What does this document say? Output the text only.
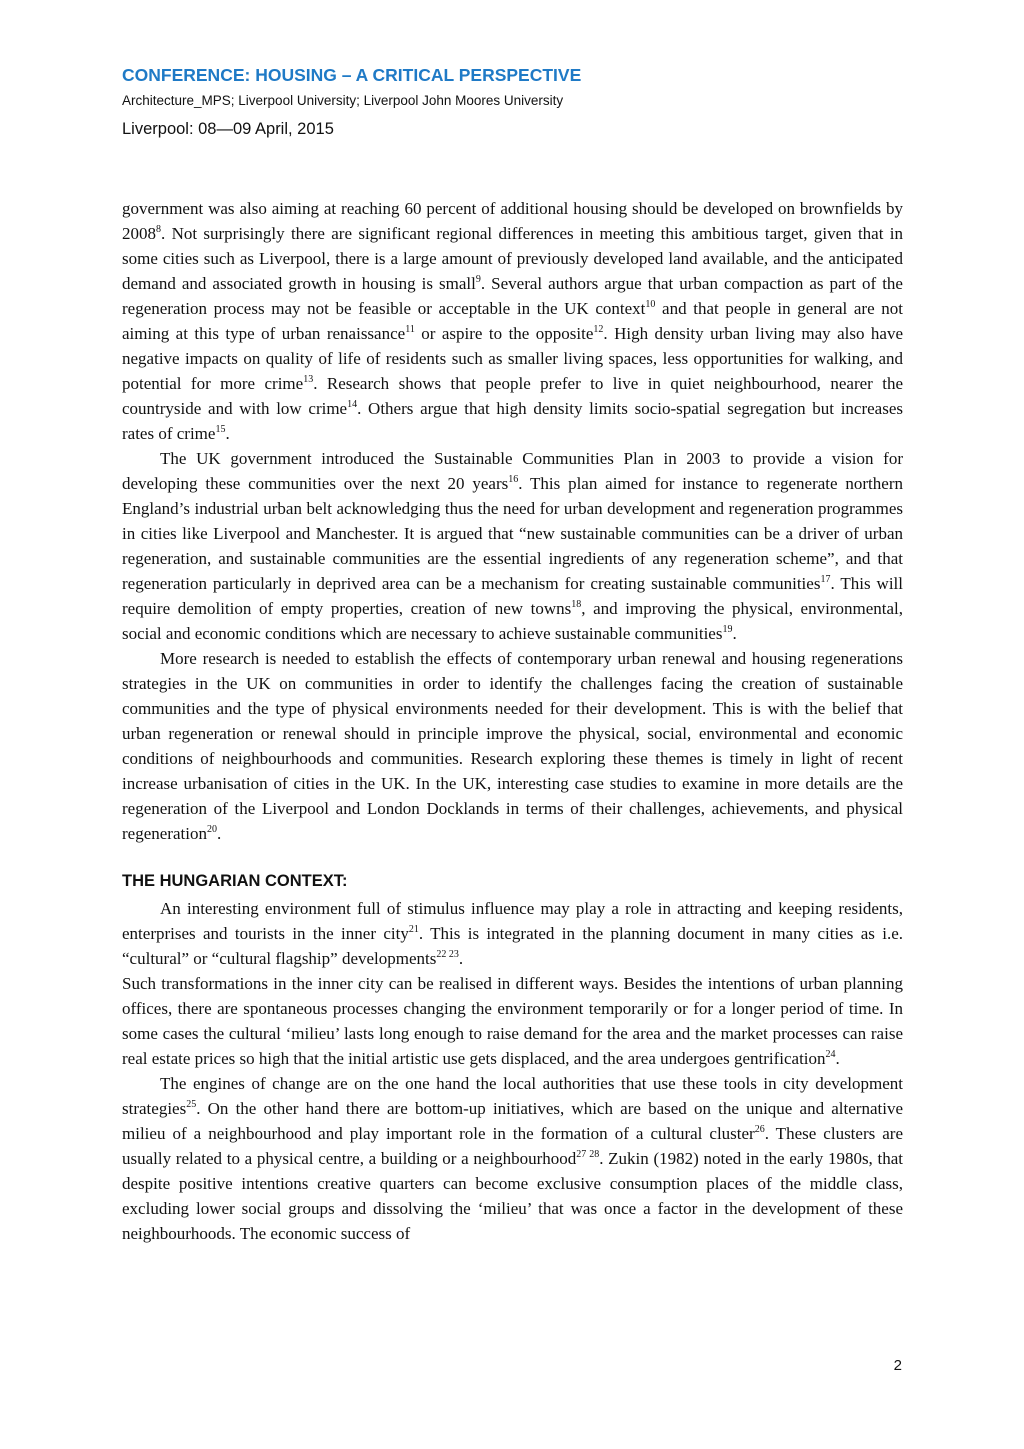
CONFERENCE: HOUSING – A CRITICAL PERSPECTIVE
Architecture_MPS; Liverpool University; Liverpool John Moores University
Liverpool: 08—09 April, 2015

government was also aiming at reaching 60 percent of additional housing should be developed on brownfields by 2008$^8$. Not surprisingly there are significant regional differences in meeting this ambitious target, given that in some cities such as Liverpool, there is a large amount of previously developed land available, and the anticipated demand and associated growth in housing is small$^9$. Several authors argue that urban compaction as part of the regeneration process may not be feasible or acceptable in the UK context$^{10}$ and that people in general are not aiming at this type of urban renaissance$^{11}$ or aspire to the opposite$^{12}$. High density urban living may also have negative impacts on quality of life of residents such as smaller living spaces, less opportunities for walking, and potential for more crime$^{13}$. Research shows that people prefer to live in quiet neighbourhood, nearer the countryside and with low crime$^{14}$. Others argue that high density limits socio-spatial segregation but increases rates of crime$^{15}$.

The UK government introduced the Sustainable Communities Plan in 2003 to provide a vision for developing these communities over the next 20 years$^{16}$. This plan aimed for instance to regenerate northern England’s industrial urban belt acknowledging thus the need for urban development and regeneration programmes in cities like Liverpool and Manchester. It is argued that “new sustainable communities can be a driver of urban regeneration, and sustainable communities are the essential ingredients of any regeneration scheme”, and that regeneration particularly in deprived area can be a mechanism for creating sustainable communities$^{17}$. This will require demolition of empty properties, creation of new towns$^{18}$, and improving the physical, environmental, social and economic conditions which are necessary to achieve sustainable communities$^{19}$.

More research is needed to establish the effects of contemporary urban renewal and housing regenerations strategies in the UK on communities in order to identify the challenges facing the creation of sustainable communities and the type of physical environments needed for their development. This is with the belief that urban regeneration or renewal should in principle improve the physical, social, environmental and economic conditions of neighbourhoods and communities. Research exploring these themes is timely in light of recent increase urbanisation of cities in the UK. In the UK, interesting case studies to examine in more details are the regeneration of the Liverpool and London Docklands in terms of their challenges, achievements, and physical regeneration$^{20}$.

THE HUNGARIAN CONTEXT:

An interesting environment full of stimulus influence may play a role in attracting and keeping residents, enterprises and tourists in the inner city$^{21}$. This is integrated in the planning document in many cities as i.e. “cultural” or “cultural flagship” developments$^{22 23}$.

Such transformations in the inner city can be realised in different ways. Besides the intentions of urban planning offices, there are spontaneous processes changing the environment temporarily or for a longer period of time. In some cases the cultural ‘milieu’ lasts long enough to raise demand for the area and the market processes can raise real estate prices so high that the initial artistic use gets displaced, and the area undergoes gentrification$^{24}$.

The engines of change are on the one hand the local authorities that use these tools in city development strategies$^{25}$. On the other hand there are bottom-up initiatives, which are based on the unique and alternative milieu of a neighbourhood and play important role in the formation of a cultural cluster$^{26}$. These clusters are usually related to a physical centre, a building or a neighbourhood$^{27 28}$. Zukin (1982) noted in the early 1980s, that despite positive intentions creative quarters can become exclusive consumption places of the middle class, excluding lower social groups and dissolving the ‘milieu’ that was once a factor in the development of these neighbourhoods. The economic success of

2
